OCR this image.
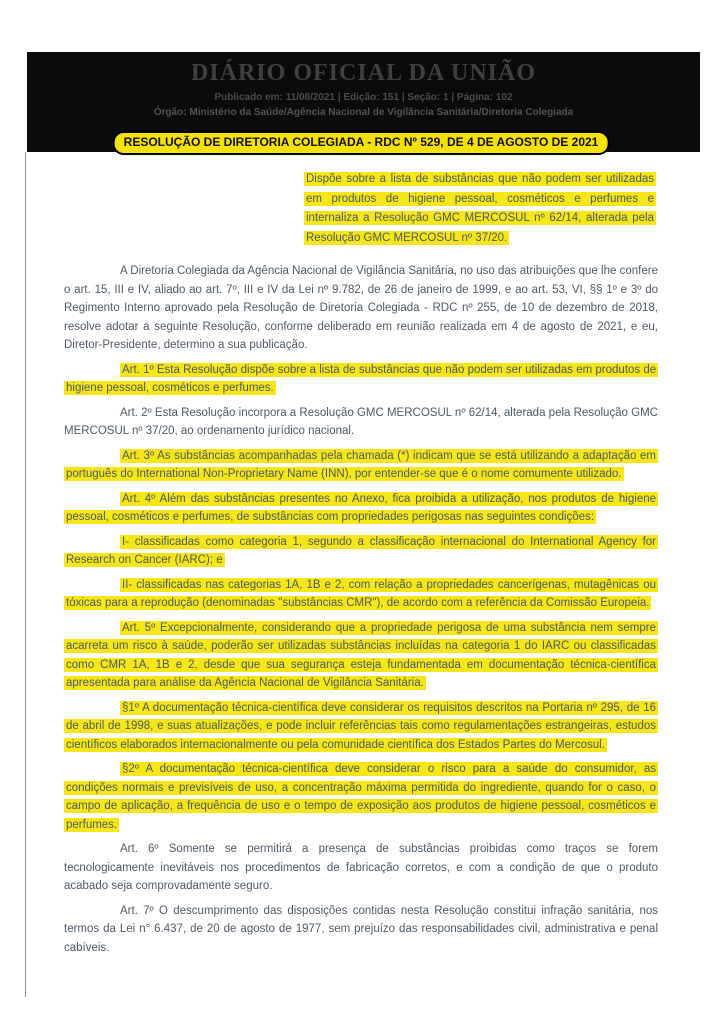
DIÁRIO OFICIAL DA UNIÃO
Publicado em: 11/08/2021 | Edição: 151 | Seção: 1 | Página: 102
Órgão: Ministério da Saúde/Agência Nacional de Vigilância Sanitária/Diretoria Colegiada
RESOLUÇÃO DE DIRETORIA COLEGIADA - RDC Nº 529, DE 4 DE AGOSTO DE 2021

Dispõe sobre a lista de substâncias que não podem ser utilizadas em produtos de higiene pessoal, cosméticos e perfumes e internaliza a Resolução GMC MERCOSUL nº 62/14, alterada pela Resolução GMC MERCOSUL nº 37/20.

A Diretoria Colegiada da Agência Nacional de Vigilância Sanitária, no uso das atribuições que lhe confere o art. 15, III e IV, aliado ao art. 7º, III e IV da Lei nº 9.782, de 26 de janeiro de 1999, e ao art. 53, VI, §§ 1º e 3º do Regimento Interno aprovado pela Resolução de Diretoria Colegiada - RDC nº 255, de 10 de dezembro de 2018, resolve adotar a seguinte Resolução, conforme deliberado em reunião realizada em 4 de agosto de 2021, e eu, Diretor-Presidente, determino a sua publicação.

Art. 1º Esta Resolução dispõe sobre a lista de substâncias que não podem ser utilizadas em produtos de higiene pessoal, cosméticos e perfumes.

Art. 2º Esta Resolução incorpora a Resolução GMC MERCOSUL nº 62/14, alterada pela Resolução GMC MERCOSUL nº 37/20, ao ordenamento jurídico nacional.

Art. 3º As substâncias acompanhadas pela chamada (*) indicam que se está utilizando a adaptação em português do International Non-Proprietary Name (INN), por entender-se que é o nome comumente utilizado.

Art. 4º Além das substâncias presentes no Anexo, fica proibida a utilização, nos produtos de higiene pessoal, cosméticos e perfumes, de substâncias com propriedades perigosas nas seguintes condições:

I- classificadas como categoria 1, segundo a classificação internacional do International Agency for Research on Cancer (IARC); e

II- classificadas nas categorias 1A, 1B e 2, com relação a propriedades cancerígenas, mutagênicas ou tóxicas para a reprodução (denominadas "substâncias CMR"), de acordo com a referência da Comissão Europeia.

Art. 5º Excepcionalmente, considerando que a propriedade perigosa de uma substância nem sempre acarreta um risco à saúde, poderão ser utilizadas substâncias incluídas na categoria 1 do IARC ou classificadas como CMR 1A, 1B e 2, desde que sua segurança esteja fundamentada em documentação técnica-científica apresentada para análise da Agência Nacional de Vigilância Sanitária.

§1º A documentação técnica-científica deve considerar os requisitos descritos na Portaria nº 295, de 16 de abril de 1998, e suas atualizações, e pode incluir referências tais como regulamentações estrangeiras, estudos científicos elaborados internacionalmente ou pela comunidade científica dos Estados Partes do Mercosul.

§2º A documentação técnica-científica deve considerar o risco para a saúde do consumidor, as condições normais e previsíveis de uso, a concentração máxima permitida do ingrediente, quando for o caso, o campo de aplicação, a frequência de uso e o tempo de exposição aos produtos de higiene pessoal, cosméticos e perfumes.

Art. 6º Somente se permitirá a presença de substâncias proibidas como traços se forem tecnologicamente inevitáveis nos procedimentos de fabricação corretos, e com a condição de que o produto acabado seja comprovadamente seguro.

Art. 7º O descumprimento das disposições contidas nesta Resolução constitui infração sanitária, nos termos da Lei n° 6.437, de 20 de agosto de 1977, sem prejuízo das responsabilidades civil, administrativa e penal cabíveis.
